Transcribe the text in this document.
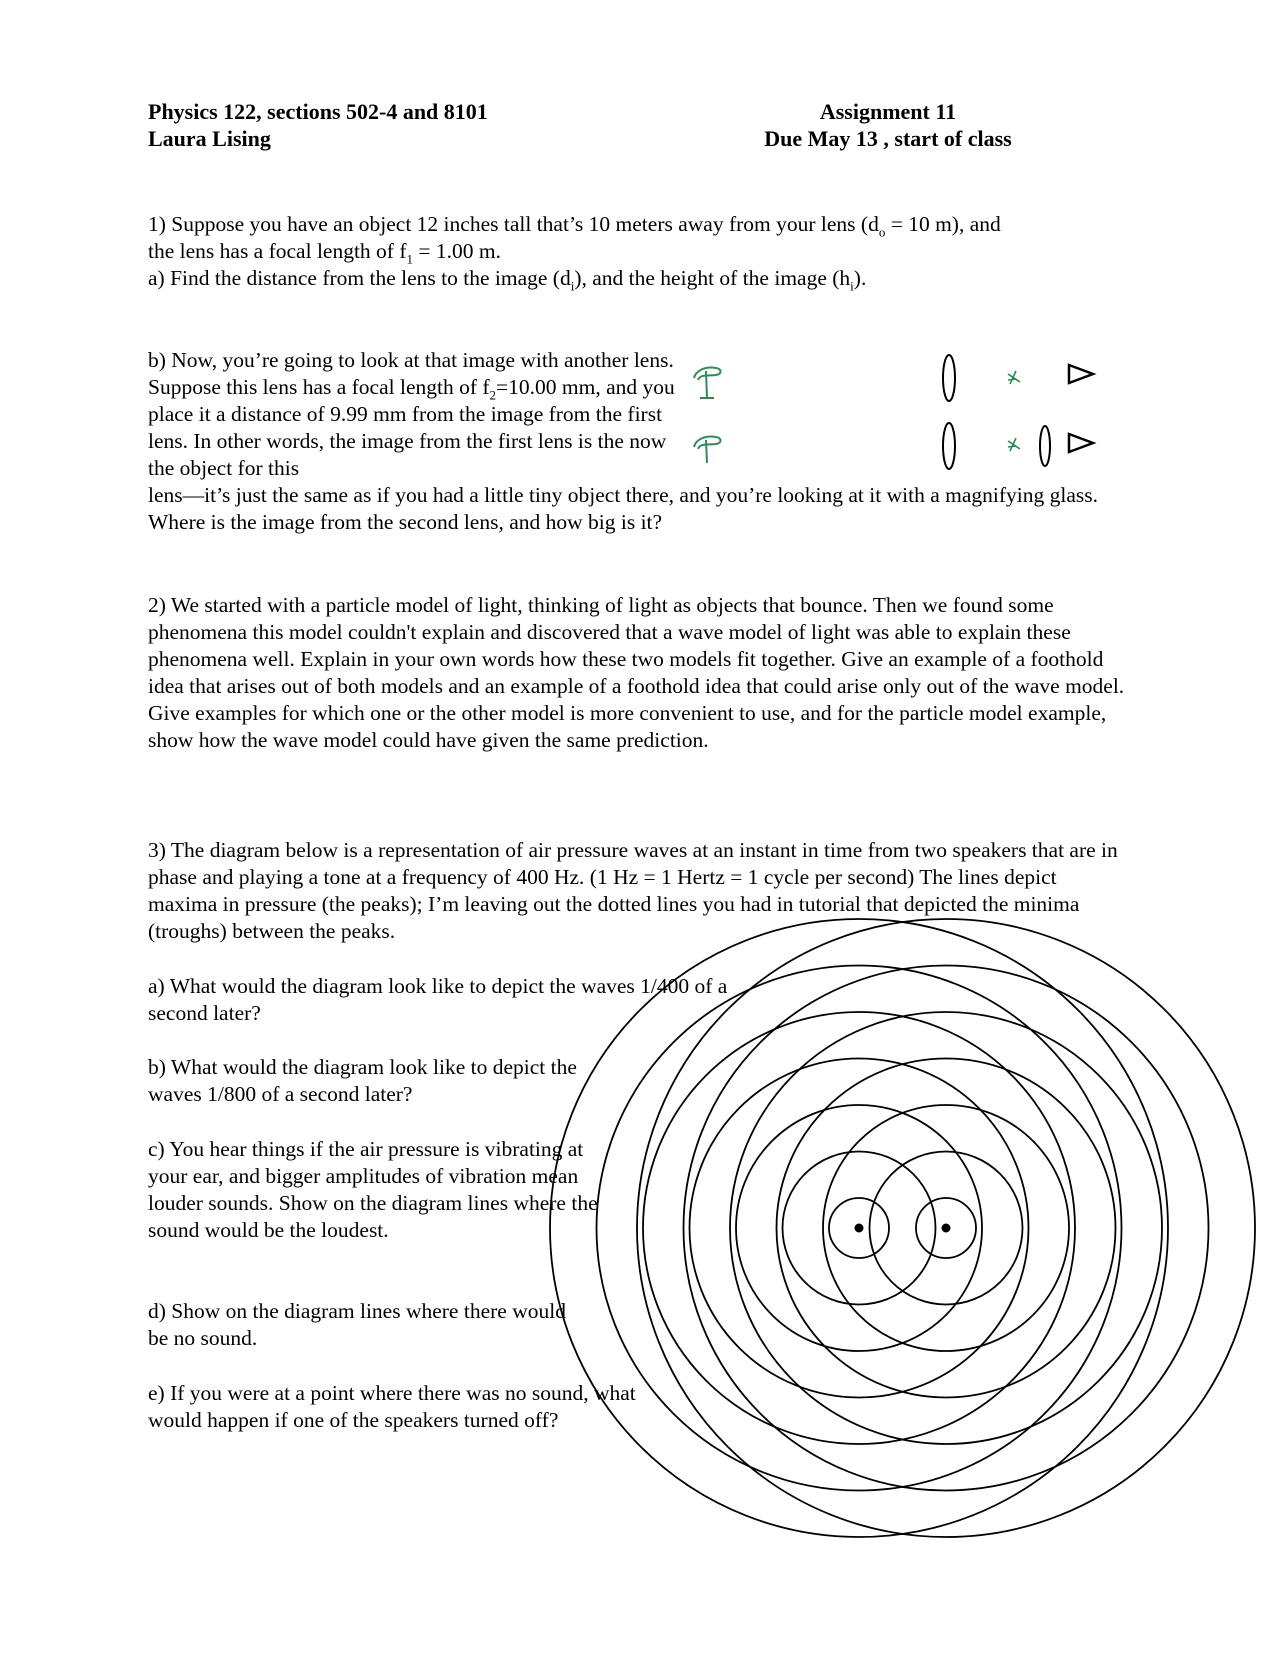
Physics 122, sections 502-4 and 8101
Laura Lising
Assignment 11
Due May 13 , start of class

1) Suppose you have an object 12 inches tall that’s 10 meters away from your lens ($d_o = 10$ m), and

the lens has a focal length of $f_1 = 1.00$ m.

a) Find the distance from the lens to the image $(d_i)$, and the height of the image $(h_i)$.

b) Now, you’re going to look at that image with another lens. Suppose this lens has a focal length of $f_2=10.00$ mm, and you place it a distance of 9.99 mm from the image from the first lens. In other words, the image from the first lens is the now the object for this

lens—it’s just the same as if you had a little tiny object there, and you’re looking at it with a magnifying glass. Where is the image from the second lens, and how big is it?

2) We started with a particle model of light, thinking of light as objects that bounce. Then we found some phenomena this model couldn't explain and discovered that a wave model of light was able to explain these phenomena well. Explain in your own words how these two models fit together. Give an example of a foothold idea that arises out of both models and an example of a foothold idea that could arise only out of the wave model. Give examples for which one or the other model is more convenient to use, and for the particle model example, show how the wave model could have given the same prediction.

3) The diagram below is a representation of air pressure waves at an instant in time from two speakers that are in phase and playing a tone at a frequency of 400 Hz. (1 Hz = 1 Hertz = 1 cycle per second) The lines depict maxima in pressure (the peaks); I’m leaving out the dotted lines you had in tutorial that depicted the minima (troughs) between the peaks.

a) What would the diagram look like to depict the waves 1/400 of a second later?
b) What would the diagram look like to depict the waves 1/800 of a second later?
c) You hear things if the air pressure is vibrating at your ear, and bigger amplitudes of vibration mean louder sounds. Show on the diagram lines where the sound would be the loudest.
d) Show on the diagram lines where there would be no sound.
e) If you were at a point where there was no sound, what would happen if one of the speakers turned off?
